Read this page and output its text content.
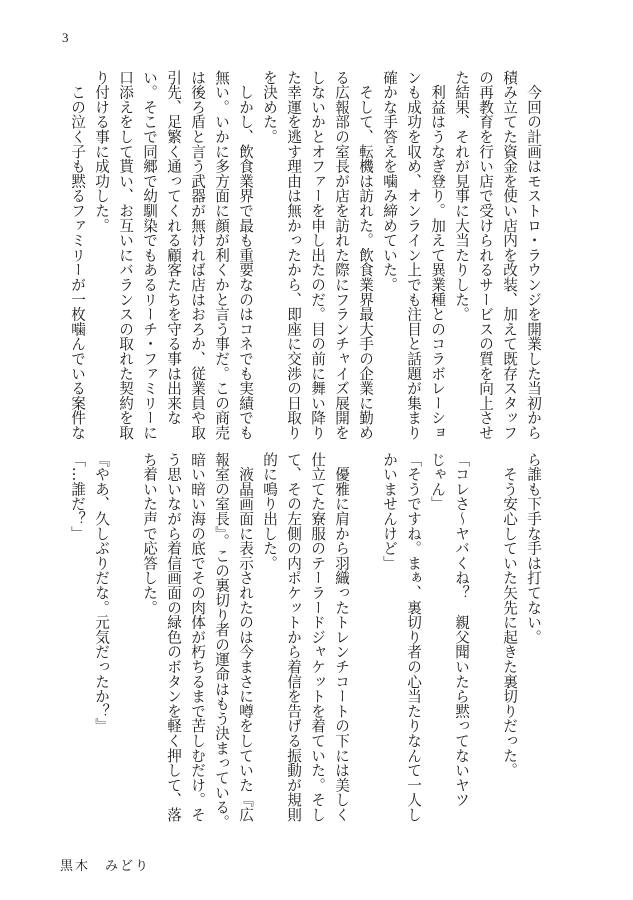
3
　今回の計画はモストロ・ラウンジを開業した当初から
積み立てた資金を使い店内を改装、加えて既存スタッフ
の再教育を行い店で受けられるサービスの質を向上させ
た結果、それが見事に大当たりした。
　利益はうなぎ登り。加えて異業種とのコラボレーショ
ンも成功を収め、オンライン上でも注目と話題が集まり
確かな手答えを噛み締めていた。
　そして、転機は訪れた。飲食業界最大手の企業に勤め
る広報部の室長が店を訪れた際にフランチャイズ展開を
しないかとオファーを申し出たのだ。目の前に舞い降り
た幸運を逃す理由は無かったから、即座に交渉の日取り
を決めた。
　しかし、飲食業界で最も重要なのはコネでも実績でも
無い。いかに多方面に顔が利くかと言う事だ。この商売
は後ろ盾と言う武器が無ければ店はおろか、従業員や取
引先、足繁く通ってくれる顧客たちを守る事は出来な
い。そこで同郷で幼馴染でもあるリーチ・ファミリーに
口添えをして貰い、お互いにバランスの取れた契約を取
り付ける事に成功した。
　この泣く子も黙るファミリーが一枚噛んでいる案件な
ら誰も下手な手は打てない。
　そう安心していた矢先に起きた裏切りだった。

「コレさ〜ヤバくね？　親父聞いたら黙ってないヤツ
じゃん」
「そうですね。まぁ、裏切り者の心当たりなんて一人し
かいませんけど」

　優雅に肩から羽織ったトレンチコートの下には美しく
仕立てた寮服のテーラードジャケットを着ていた。そし
て、その左側の内ポケットから着信を告げる振動が規則
的に鳴り出した。
　液晶画面に表示されたのは今まさに噂をしていた『広
報室の室長』。この裏切り者の運命はもう決まっている。
暗い暗い海の底でその肉体が朽ちるまで苦しむだけ。そ
う思いながら着信画面の緑色のボタンを軽く押して、落
ち着いた声で応答した。

『やあ、久しぶりだな。元気だったか？』
「…誰だ？」
黒木　みどり
